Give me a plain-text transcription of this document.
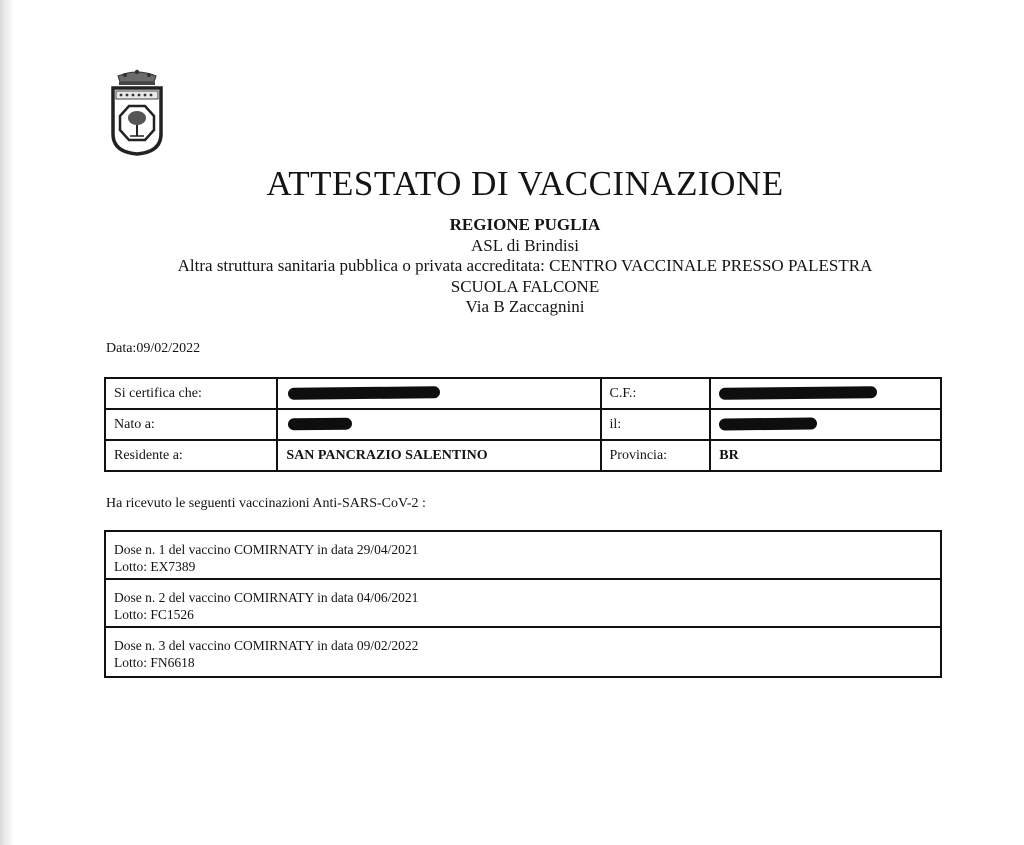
ATTESTATO DI VACCINAZIONE
REGIONE PUGLIA
ASL di Brindisi
Altra struttura sanitaria pubblica o privata accreditata: CENTRO VACCINALE PRESSO PALESTRA
SCUOLA FALCONE
Via B Zaccagnini
Data:09/02/2022
Si certifica che:		C.F.:	
Nato a:		il:	
Residente a:	SAN PANCRAZIO SALENTINO	Provincia:	BR
Ha ricevuto le seguenti vaccinazioni Anti-SARS-CoV-2 :
Dose n. 1 del vaccino COMIRNATY in data 29/04/2021
Lotto: EX7389
Dose n. 2 del vaccino COMIRNATY in data 04/06/2021
Lotto: FC1526
Dose n. 3 del vaccino COMIRNATY in data 09/02/2022
Lotto: FN6618
